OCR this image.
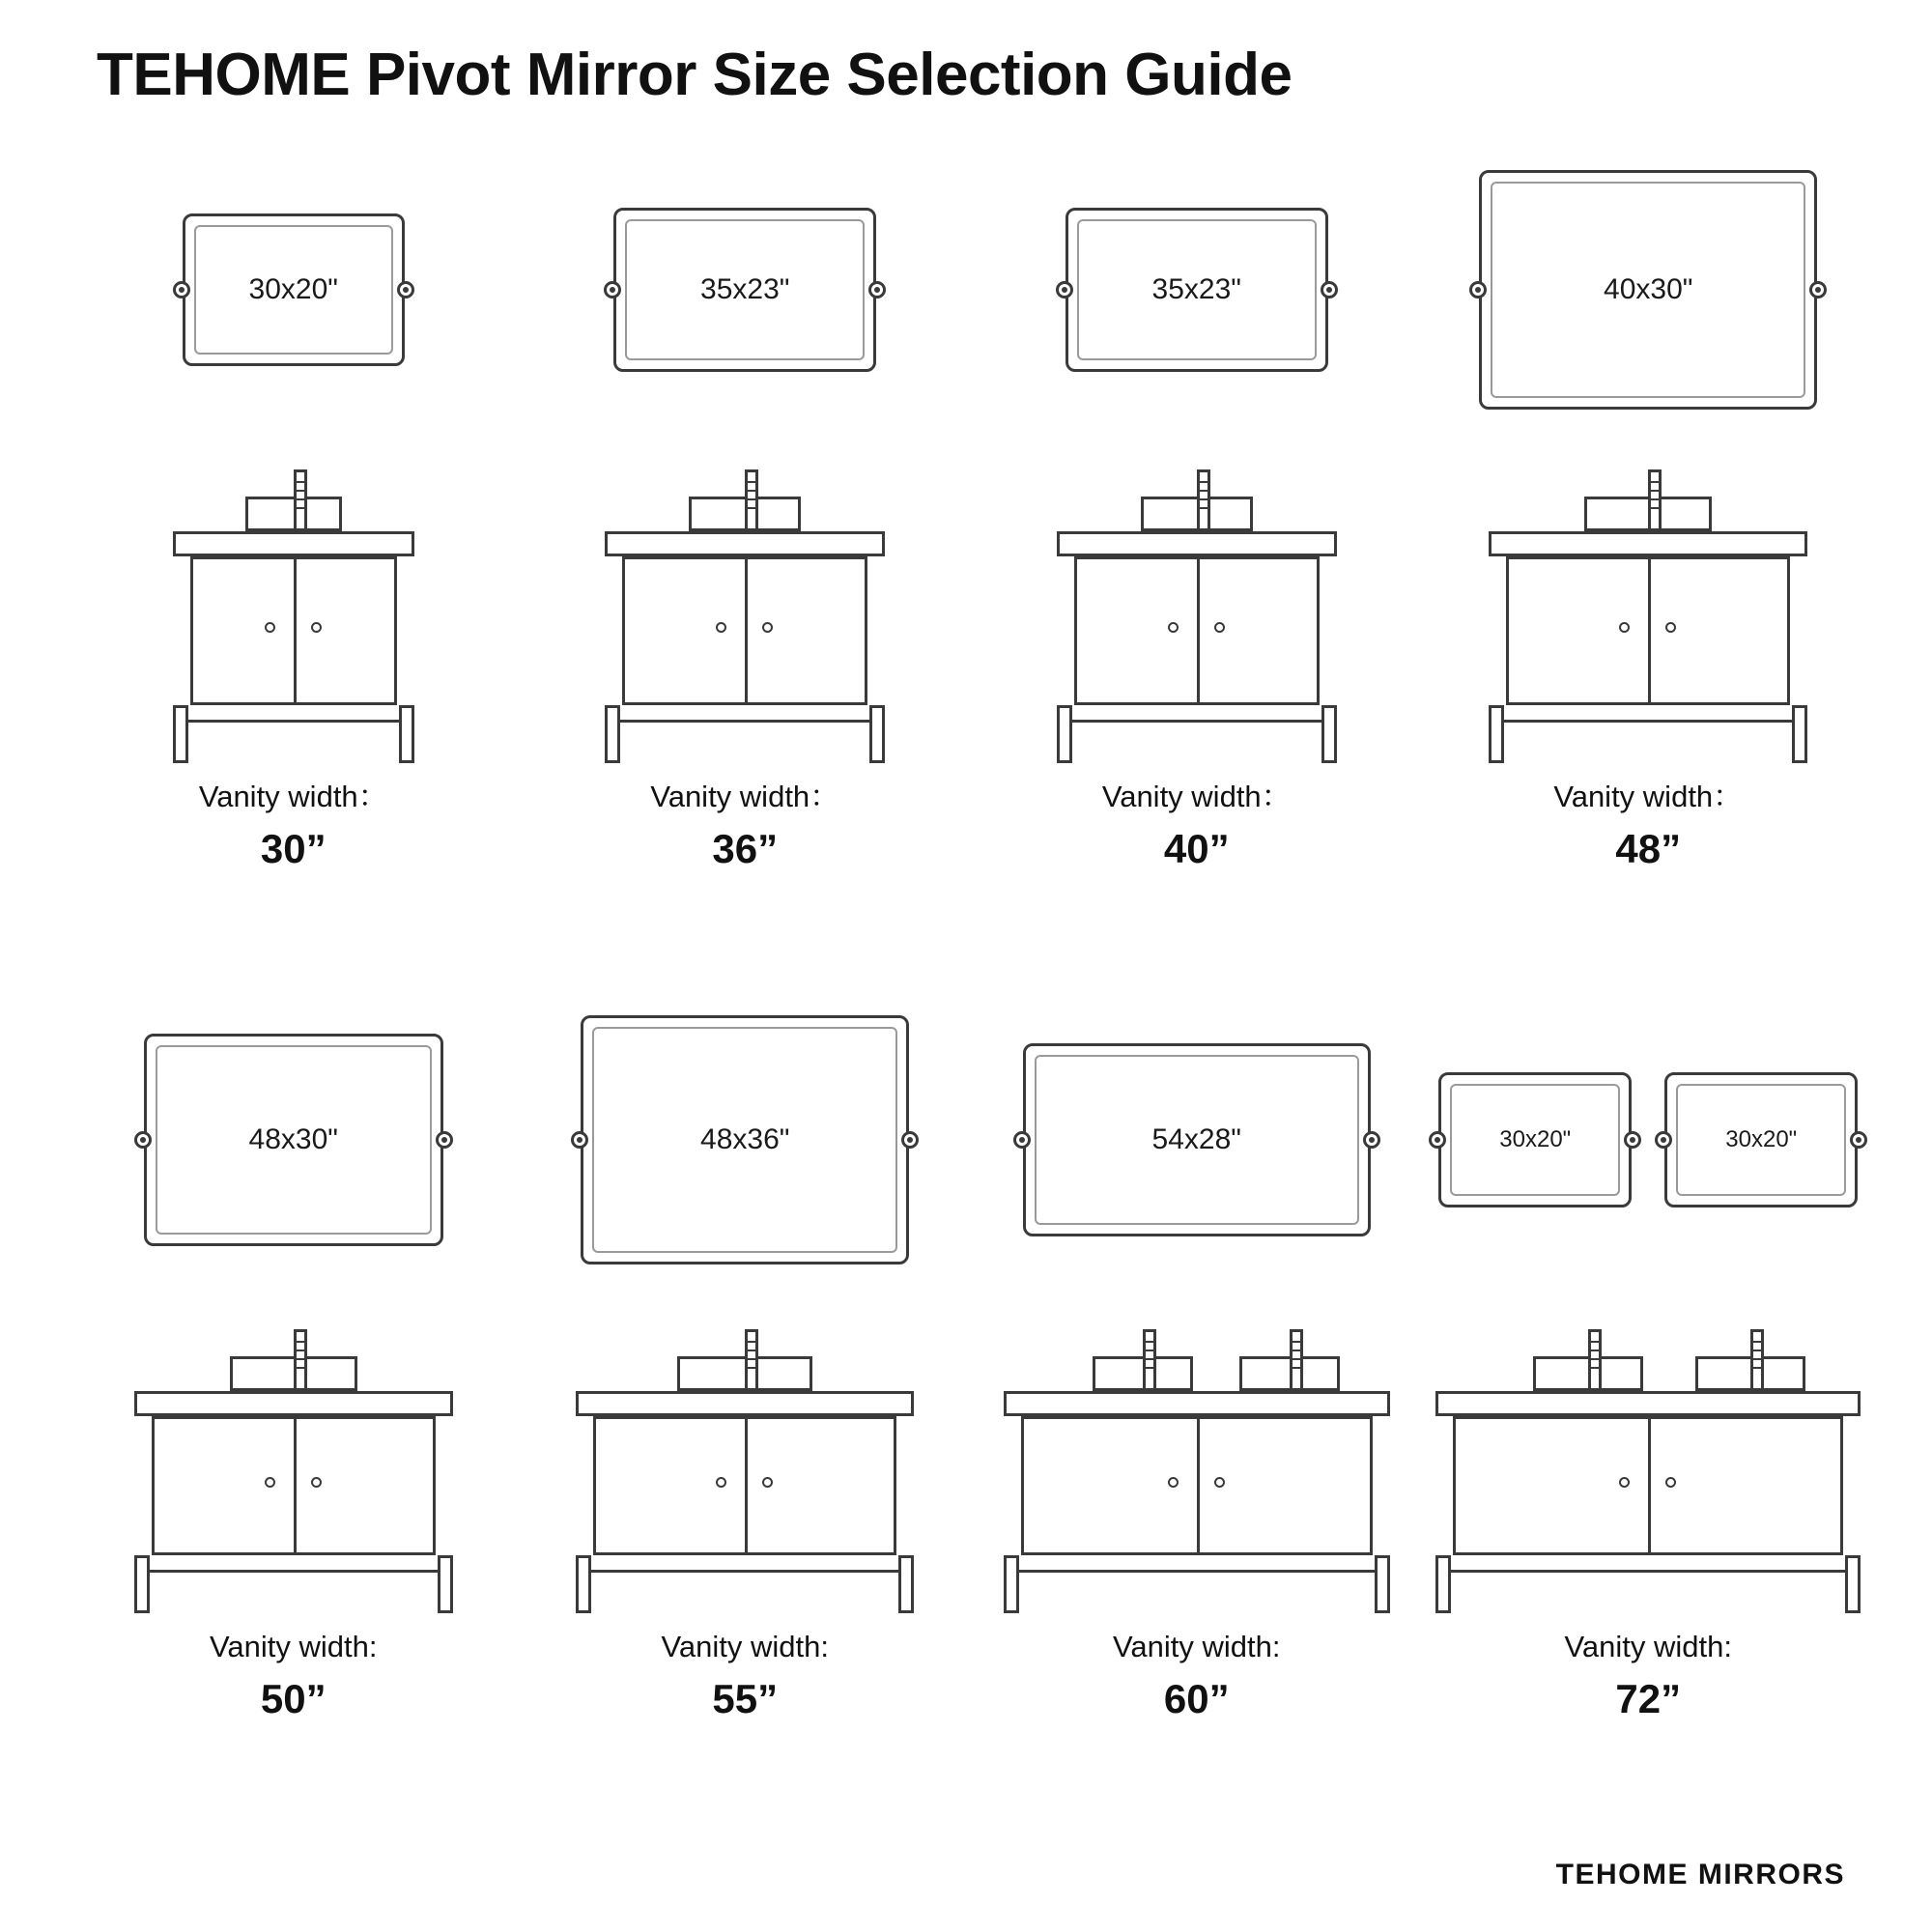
TEHOME Pivot Mirror Size Selection Guide
30x20"
Vanity width：
30”
35x23"
Vanity width：
36”
35x23"
Vanity width：
40”
40x30"
Vanity width：
48”
48x30"
Vanity width:
50”
48x36"
Vanity width:
55”
54x28"
Vanity width:
60”
30x20"	30x20"
Vanity width:
72”
TEHOME MIRRORS
